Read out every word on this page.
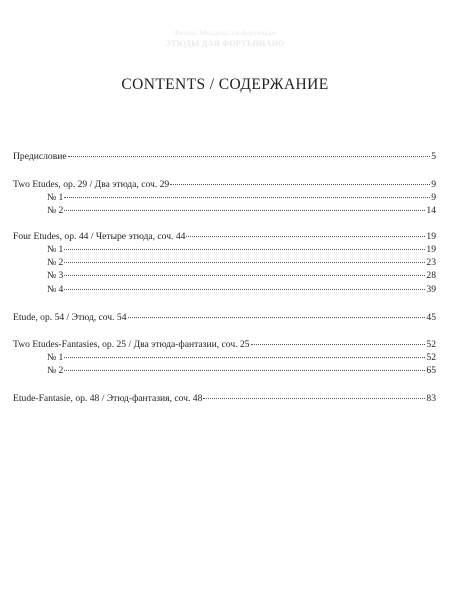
Феликс Мендельсон-Бартольди
ЭТЮДЫ ДЛЯ ФОРТЕПИАНО
CONTENTS / СОДЕРЖАНИЕ
Предисловие	5
Two Etudes, op. 29 / Два этюда, соч. 29	9
№ 1	9
№ 2	14
Four Etudes, op. 44 / Четыре этюда, соч. 44	19
№ 1	19
№ 2	23
№ 3	28
№ 4	39
Etude, op. 54 / Этюд, соч. 54	45
Two Etudes-Fantasies, op. 25 / Два этюда-фантазии, соч. 25	52
№ 1	52
№ 2	65
Etude-Fantasie, op. 48 / Этюд-фантазия, соч. 48	83
